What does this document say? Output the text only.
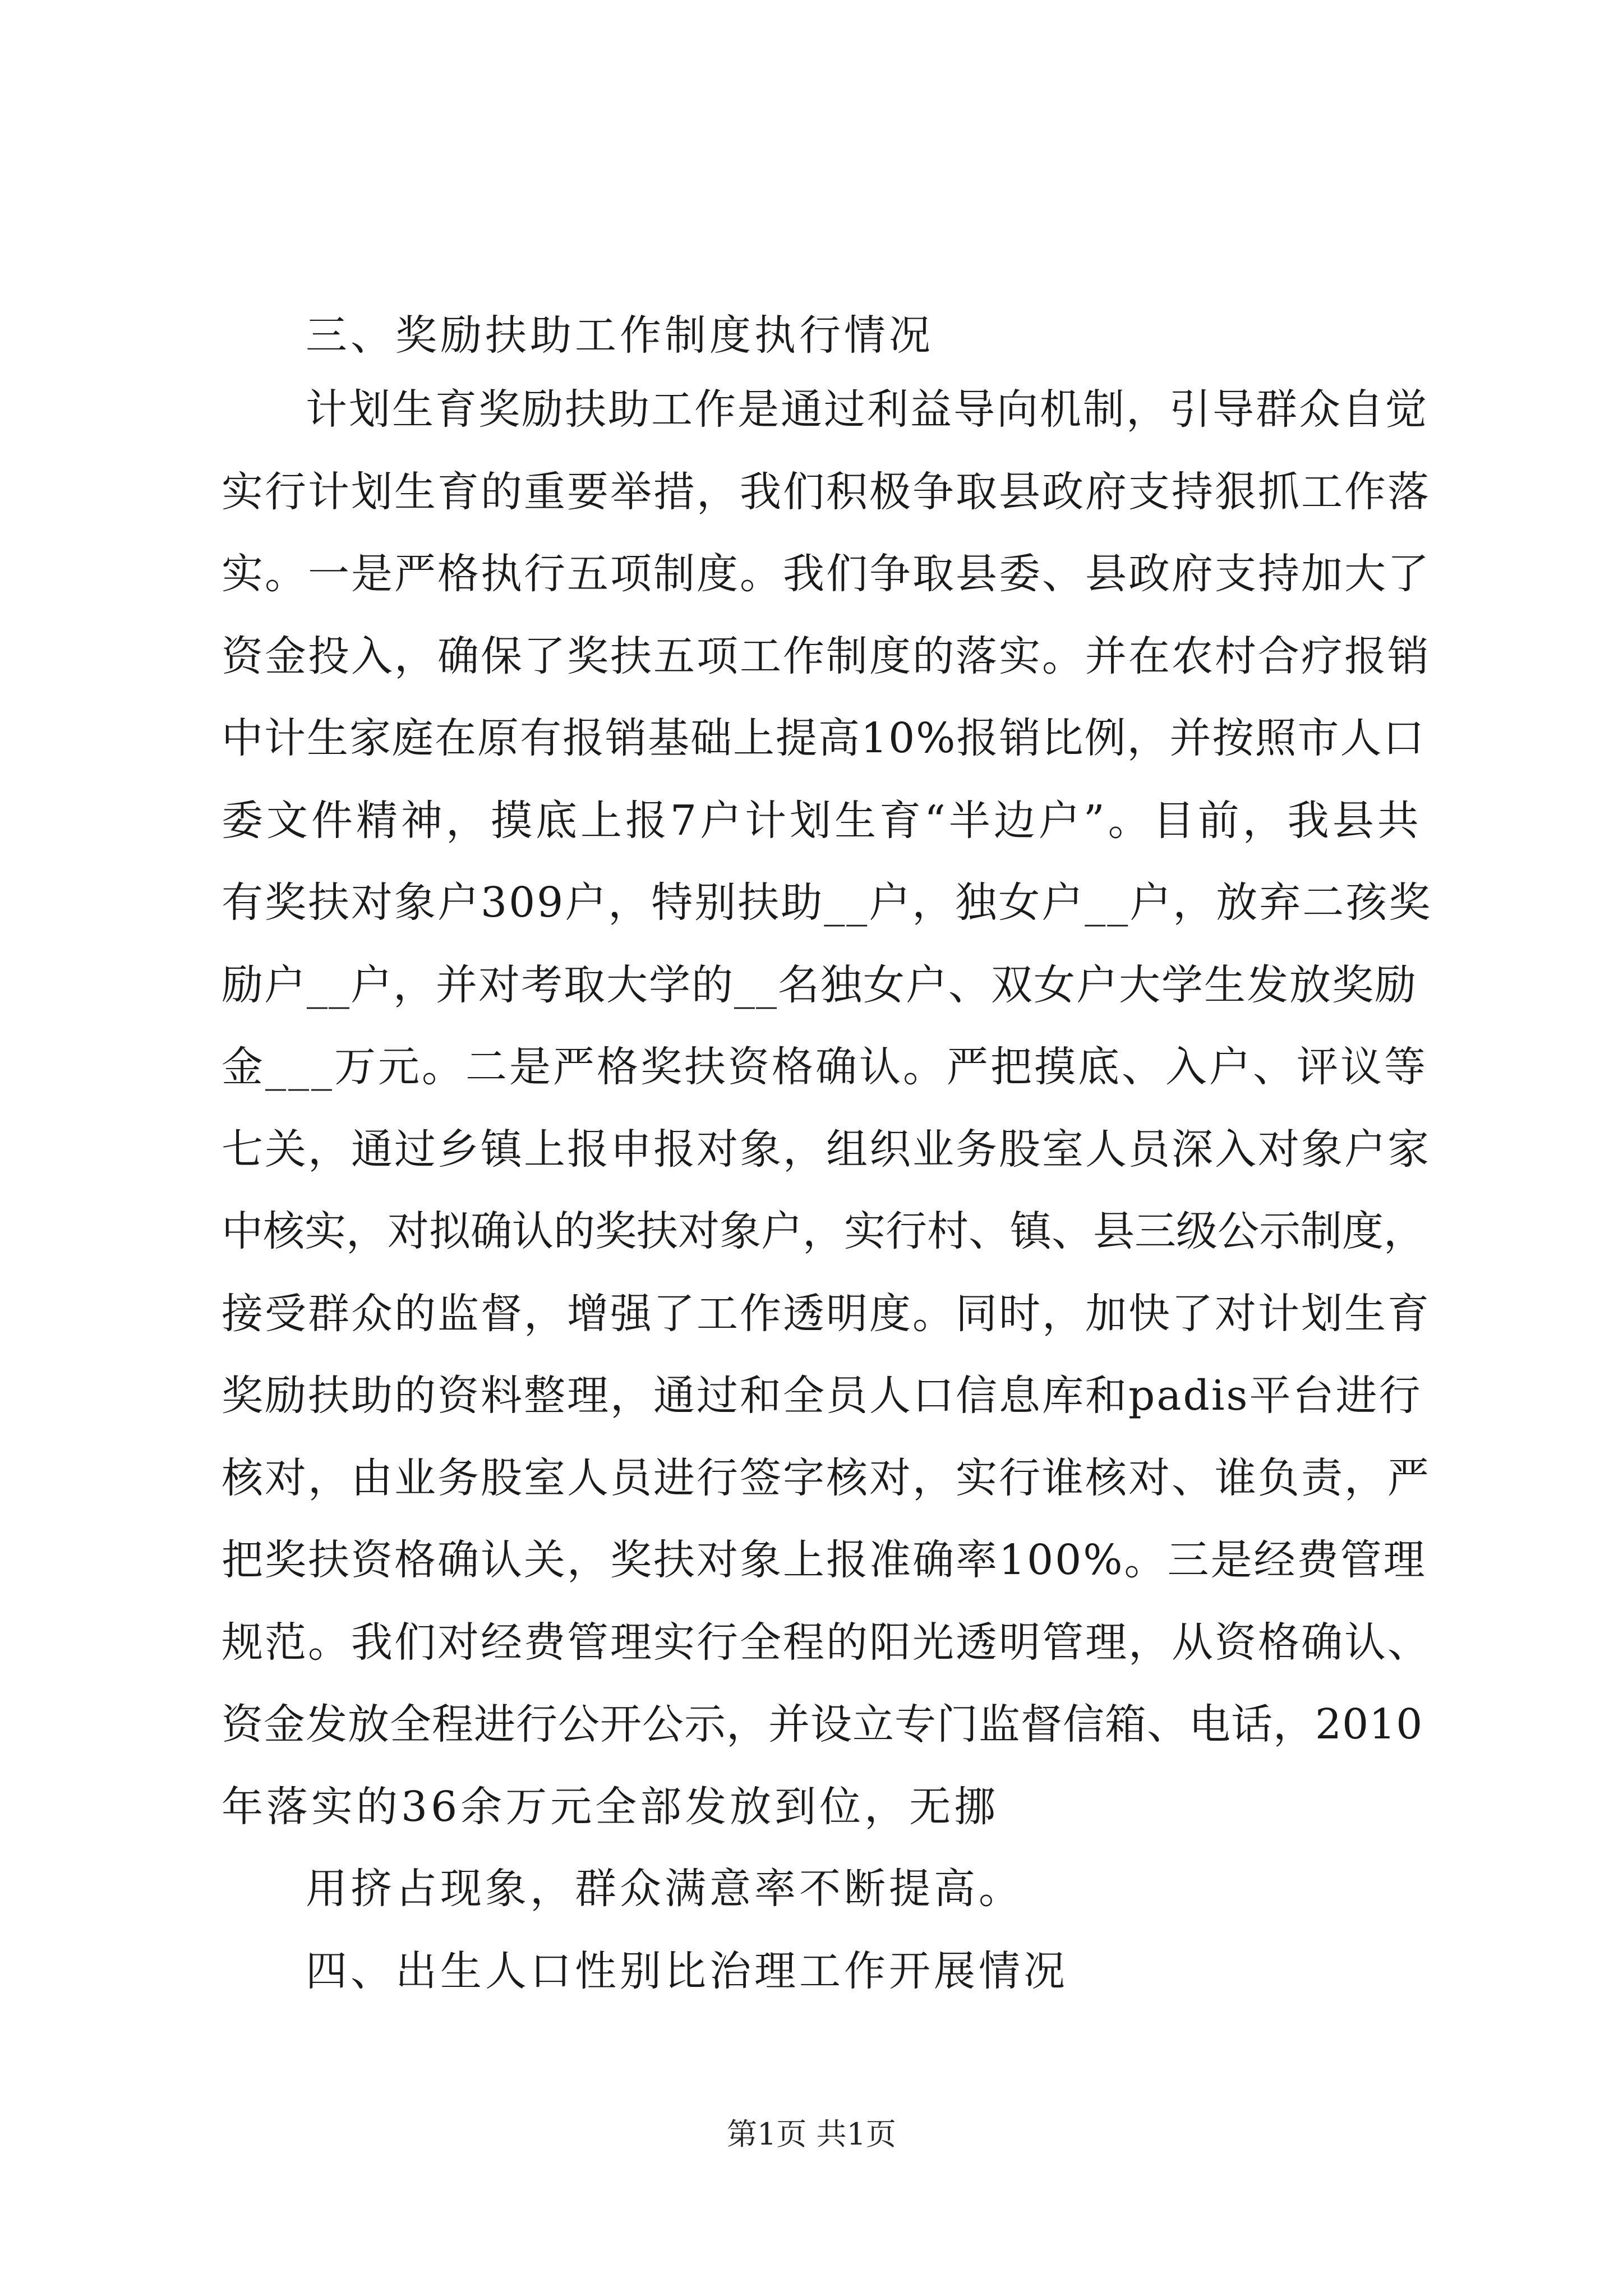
三、奖励扶助工作制度执行情况
计划生育奖励扶助工作是通过利益导向机制，引导群众自觉
实行计划生育的重要举措，我们积极争取县政府支持狠抓工作落
实。一是严格执行五项制度。我们争取县委、县政府支持加大了
资金投入，确保了奖扶五项工作制度的落实。并在农村合疗报销
中计生家庭在原有报销基础上提高10%报销比例，并按照市人口
委文件精神，摸底上报7户计划生育“半边户”。目前，我县共
有奖扶对象户309户，特别扶助__户，独女户__户，放弃二孩奖
励户__户，并对考取大学的__名独女户、双女户大学生发放奖励
金___万元。二是严格奖扶资格确认。严把摸底、入户、评议等
七关，通过乡镇上报申报对象，组织业务股室人员深入对象户家
中核实，对拟确认的奖扶对象户，实行村、镇、县三级公示制度，
接受群众的监督，增强了工作透明度。同时，加快了对计划生育
奖励扶助的资料整理，通过和全员人口信息库和padis平台进行
核对，由业务股室人员进行签字核对，实行谁核对、谁负责，严
把奖扶资格确认关，奖扶对象上报准确率100%。三是经费管理
规范。我们对经费管理实行全程的阳光透明管理，从资格确认、
资金发放全程进行公开公示，并设立专门监督信箱、电话，2010
年落实的36余万元全部发放到位，无挪
用挤占现象，群众满意率不断提高。
四、出生人口性别比治理工作开展情况
第1页 共1页
